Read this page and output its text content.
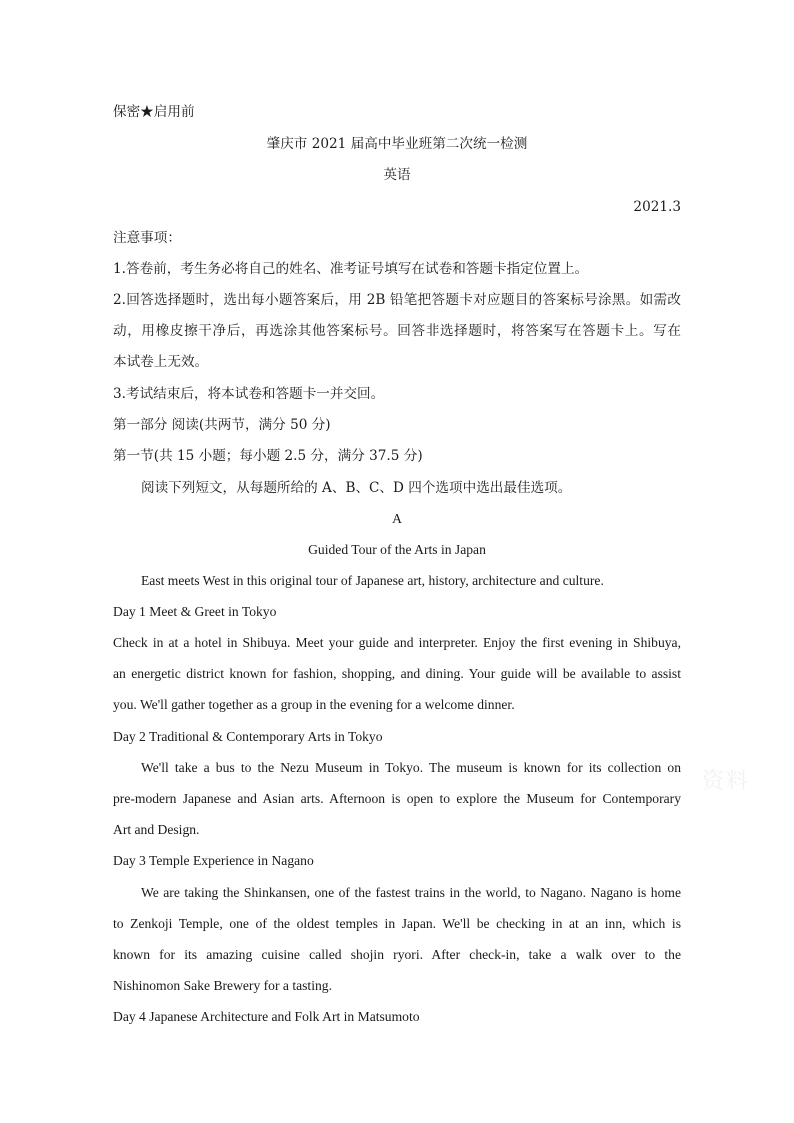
保密★启用前
肇庆市 2021 届高中毕业班第二次统一检测
英语
2021.3
注意事项：
1.答卷前，考生务必将自己的姓名、准考证号填写在试卷和答题卡指定位置上。
2.回答选择题时，选出每小题答案后，用 2B 铅笔把答题卡对应题目的答案标号涂黑。如需改
动，用橡皮擦干净后，再选涂其他答案标号。回答非选择题时，将答案写在答题卡上。写在
本试卷上无效。
3.考试结束后，将本试卷和答题卡一并交回。
第一部分 阅读(共两节，满分 50 分)
第一节(共 15 小题；每小题 2.5 分，满分 37.5 分)
阅读下列短文，从每题所给的 A、B、C、D 四个选项中选出最佳选项。
A
Guided Tour of the Arts in Japan
East meets West in this original tour of Japanese art, history, architecture and culture.
Day 1 Meet & Greet in Tokyo
Check in at a hotel in Shibuya. Meet your guide and interpreter. Enjoy the first evening in Shibuya,
an energetic district known for fashion, shopping, and dining. Your guide will be available to assist
you. We'll gather together as a group in the evening for a welcome dinner.
Day 2 Traditional & Contemporary Arts in Tokyo
We'll take a bus to the Nezu Museum in Tokyo. The museum is known for its collection on
pre-modern Japanese and Asian arts. Afternoon is open to explore the Museum for Contemporary
Art and Design.
Day 3 Temple Experience in Nagano
We are taking the Shinkansen, one of the fastest trains in the world, to Nagano. Nagano is home
to Zenkoji Temple, one of the oldest temples in Japan. We'll be checking in at an inn, which is
known for its amazing cuisine called shojin ryori. After check-in, take a walk over to the
Nishinomon Sake Brewery for a tasting.
Day 4 Japanese Architecture and Folk Art in Matsumoto
资料
